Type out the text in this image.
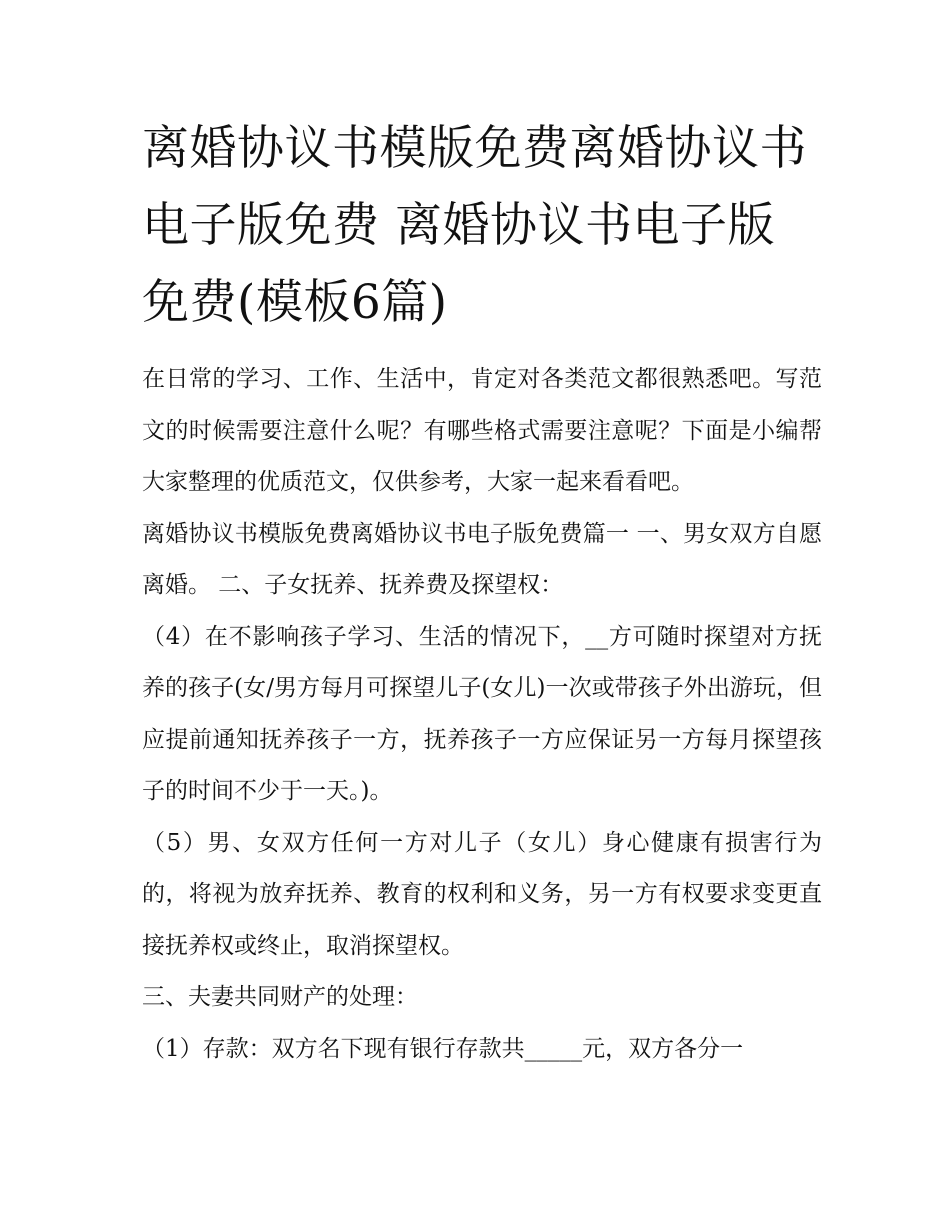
离婚协议书模版免费离婚协议书电子版免费 离婚协议书电子版免费(模板6篇)

在日常的学习、工作、生活中，肯定对各类范文都很熟悉吧。写范文的时候需要注意什么呢？有哪些格式需要注意呢？下面是小编帮大家整理的优质范文，仅供参考，大家一起来看看吧。

离婚协议书模版免费离婚协议书电子版免费篇一 一、男女双方自愿离婚。 二、子女抚养、抚养费及探望权：

（4）在不影响孩子学习、生活的情况下，__方可随时探望对方抚养的孩子(女/男方每月可探望儿子(女儿)一次或带孩子外出游玩，但应提前通知抚养孩子一方，抚养孩子一方应保证另一方每月探望孩子的时间不少于一天。)。

（5）男、女双方任何一方对儿子（女儿）身心健康有损害行为的，将视为放弃抚养、教育的权利和义务，另一方有权要求变更直接抚养权或终止，取消探望权。

三、夫妻共同财产的处理：

（1）存款：双方名下现有银行存款共_____元，双方各分一
